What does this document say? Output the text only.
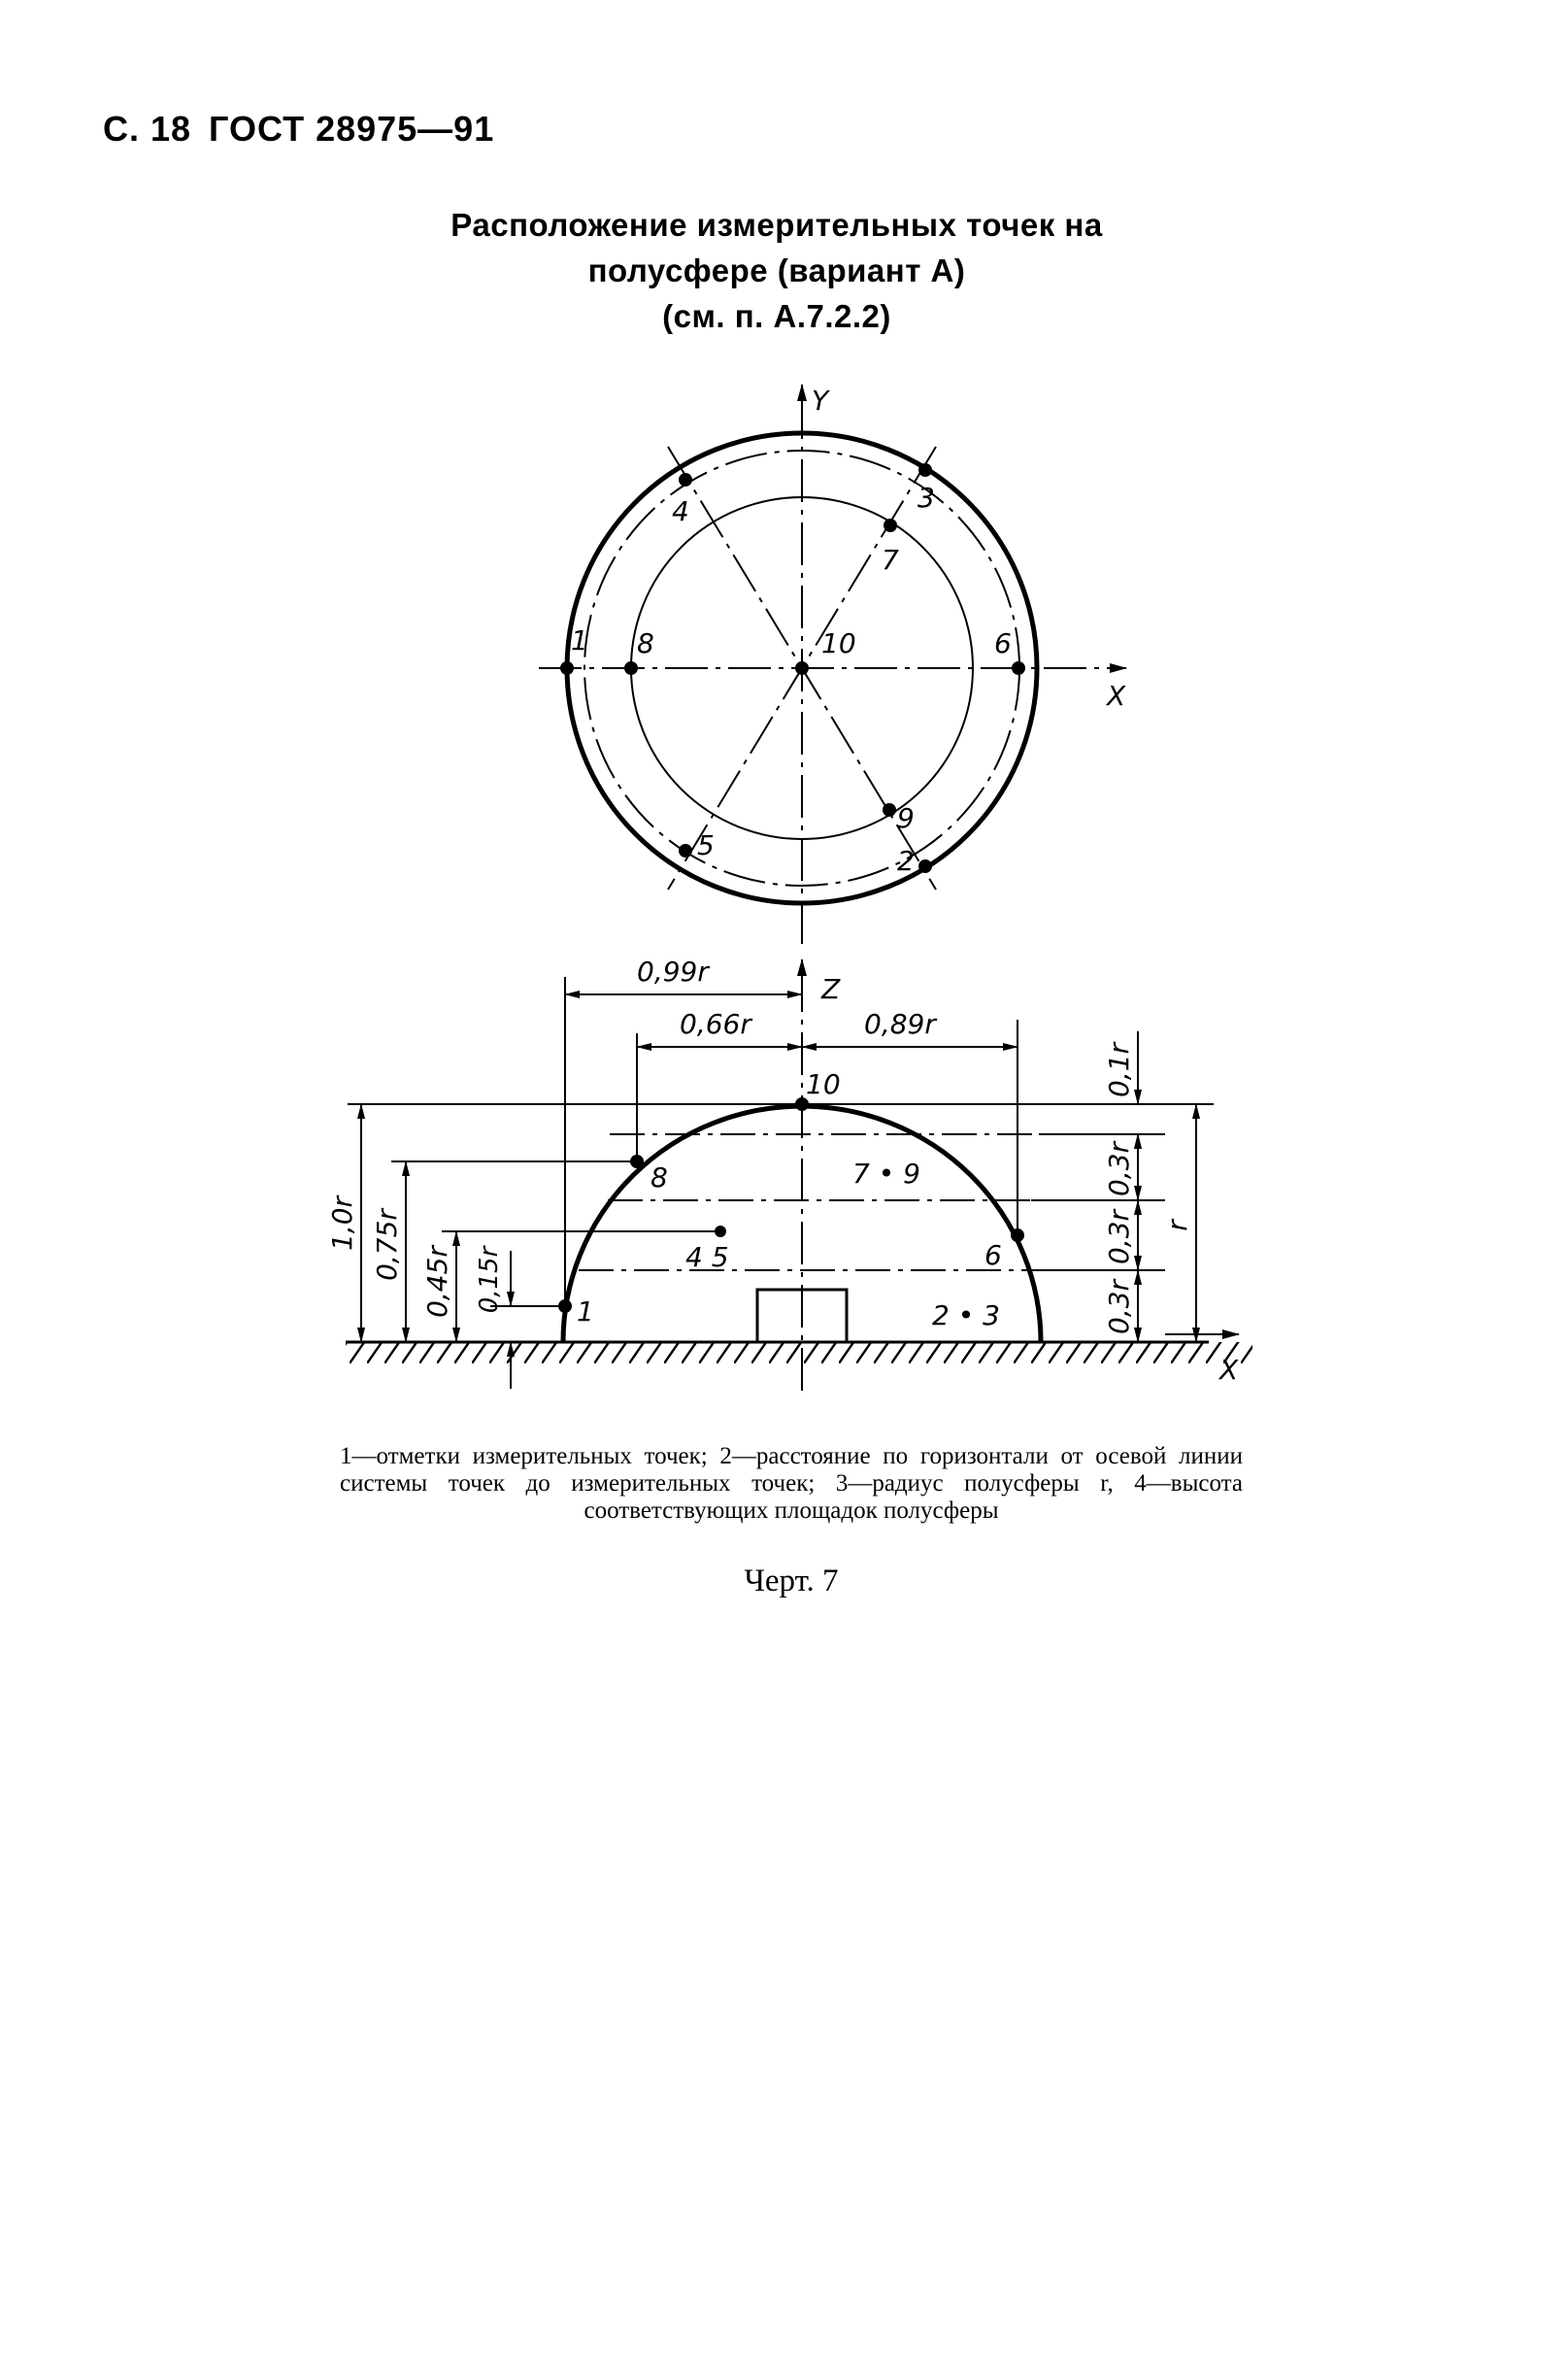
С. 18 ГОСТ 28975—91
Расположение измерительных точек на
полусфере (вариант А)
(см. п. А.7.2.2)
Y
X
1
2
3
4
5
6
7
8
9
10
X
Z
0,99r
0,66r	0,89r
1,0r 0,75r
0,45r 0,15r
0,1r
0,3r
0,3r
0,3r
r
10
8	7 • 9
4 5	6
1	2 • 3
1—отметки измерительных точек; 2—расстояние по горизонтали от осевой линии системы точек до измерительных точек; 3—радиус полусферы r, 4—высота соответствующих площадок полусферы
Черт. 7
